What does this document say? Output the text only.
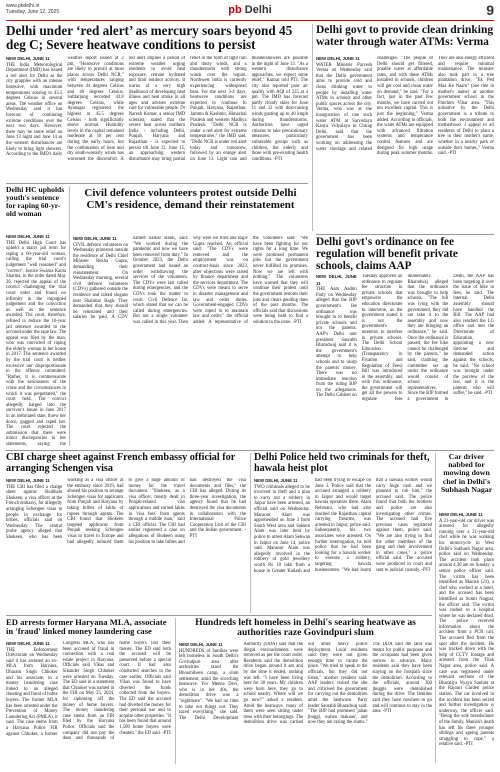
www.pbdelhi.in
Tuesday, June 12, 2025	pb Delhi	9
Delhi under ‘red alert’ as mercury soars beyond 45 deg C; Severe heatwave conditions to persist
NEW DELHI, JUNE 11
THE India Meteorological Department (IMD) has issued a red alert for Delhi as the city grapples with an intense heatwave, with maximum temperatures soaring to 45.5 degrees Celsius in several areas. The weather office on Wednesday said it has forecast of continuing extreme conditions over the next two days. However, there may be some relief on June 13 night and June 14 as the western disturbances are likely to bring light showers. According to the IMD's daily weather report issued at 2 pm, "Heatwave conditions are likely to prevail at most places across Delhi NCR," with temperatures ranging between 44 degrees Celsius and 46 degrees Celsius. Safdarjung recorded 43.8 degrees Celsius, while Ayanagar registered the highest at 45.5 degrees Celsius - both significantly above normal. Humidity levels in the capital remained moderate at 18 per cent during the early hours, but the combination of heat and dry south-westerly winds has worsened the discomfort. A red alert implies a period of extreme weather urging residents to avoid heat exposure, remain hydrated and limit outdoor activity. It warns of a very high likelihood of developing heat illness and heat stroke in all ages and advises extreme care for vulnerable people. Dr Naresh Kumar, a senior IMD scientist, stated that the severe heat across northern India - including Delhi, Punjab, Haryana and Rajasthan - is expected to persist till June 12. June 15, an approaching western disturbance may bring partial relief in the form of light rain and dusty winds, and a thunderstorm with strong winds over the region. Northwest India is currently experiencing widespread heat. For the next 3-4 days, heatwave conditions are expected to continue in Punjab, Haryana, Rajasthan, Jammu & Kashmir, Himachal Pradesh and western Madhya Pradesh. "Delhi NCR is under a red alert for extreme temperatures," the IMD said. "Delhi NCR is under red alert today and tomorrow, followed by an orange alert on June 13. Light rain and thundershowers are possible in the night of June 13. "As a western disturbance approaches, we expect some relief," Kumar told PTI. The city also reported poor air quality with AQI of 225 at 4 pm. The IMD has forecast partly cloudy skies for June 11 and 12 with dust-raising winds gusting up to 40 kmph during thunderstorms. Authorities have urged citizens to take precautionary measures, particularly vulnerable groups such as children, the elderly and those with pre-existing health conditions. -PTI
Delhi govt to provide clean drinking water through water ATMs: Verma
NEW DELHI, JUNE 11
WATER Minister Parvesh Verma on Wednesday said that the Delhi government aims to provide cold and clean drinking water to people by installing water ATMs in schools and other public spaces across the city. Verma, who was at the inauguration of one such water ATM at Sarvodaya Kanya Vidyalaya in Chirag Delhi, said that the government has been working on addressing the water shortage and related challenges. "The people of Delhi should get filtered, potable water at affordable rates, and with these ATMs installed in schools, children will get cool and clean water on demand," he said. "For a fact, just in the past few months, we have carried out ten excellent capital. This is just the beginning," Verma added. According to officials, the water ATMs are equipped with advanced filtration systems and temperature control features and are designed for high usage during peak summer months. They are also energy efficient and require minimal maintenance. The minister also took part in a tree plantation drive, "Ek Ped Maa Ke Naam" (one tree in mother's name) at another government school in the Paschim Vihar area. "This initiative by the Delhi government is a tribute to both the environment and motherhood. I appeal to all residents of Delhi to plant a tree in their mother's name, whether in a nearby park or outside their homes," Verma said. -PTI
Delhi HC upholds youth's sentence for raping 60-yr-old woman
NEW DELHI, JUNE 11
THE Delhi High Court has upheld a man's jail term for raping a 60-year-old woman, calling the trial court's judgement "well reasoned" and "correct". Justice Swarna Kanta Sharma, in the order dated May 26, rejected the appeal of the convict challenging the trial court order and found no infirmity in the impugned judgement and the conviction as well as the sentence awarded. The court, therefore, refused to reduce the 10-year jail sentence awarded to the accused under the rape law. The appeal was filed by the man, who was convicted of raping the elderly woman in her house in 2017. The sentence awarded by the trial court is neither excessive nor disproportionate to the offence committed. "Rather, it is commensurate with the seriousness of the crime and the circumstances in which it was perpetrated," the court held. The convict allegedly barged into the survivor's house in June 2017 in an inebriated state, threw her down, gagged and raped her. The court rejected the submission that there were minor discrepancies in her statements, saying the
Civil defence volunteers protest outside Delhi CM's residence, demand their reinstatement
NEW DELHI, JUNE 11
CIVIL defence volunteers on Wednesday protested outside the residence of Delhi Chief Minister Rekha Gupta, demanding their reinstatement. On Wednesday morning, several civil defence volunteers (CDVs) gathered outside the residence and raised slogans near Shalimar Bagh. They demanded that they should be reinstated and their salaries be paid. A CDV named Sarkar Haidi, said: "We worked during the pandemic and now we have been removed from duty." In October 2023, the Delhi government had issued an order withdrawing the services of the volunteers. The CDVs were last called during emergencies, and the CDVs took the matter to court. Civil Defence Jat, which stated that we can be called during emergencies. But not a single volunteer was called in this year. Then why were we fired and Rajiv Gupta reached. An official said: "The CDVs were removed and the employment was on contract-basis since 2023, after objections were raised by finance department and the services department. The CDVs were meant to serve in disaster management and law and order duties. Government-engaged CDVs were roped in to maintain law and order," the official added. A representative of the volunteers said: "We have been fighting for our rights for a long time. We were promised permanent jobs but the government never fulfilled its promises. Now we are left with nothing." The volunteers have warned that they will continue their protest until the government restores their jobs and clears pending dues of the past months. The officials said that discussions were being held to find a solution to the issue. -PTI
Delhi govt's ordinance on fee regulation will benefit private schools, claims AAP
NEW DELHI, JUNE 11
THE Aam Aadmi Party on Wednesday alleged that the BJP government's fee ordinance was brought in to benefit private schools and not the parents. AAP's Delhi unit president Saurabh Bharadwaj said it is the government's attempt to help schools and to usurp the parents' money. There was no immediate reaction from the ruling BJP on the allegations. The Delhi Cabinet on Tuesday approved an ordinance to regulate fee structure in private schools that empowers the education directorate to intervene, as the government stated it is not the government's intention to interfere in private schools. The Delhi School Education (Transparency in Fixation and Regulation of Fees) Bill was introduced in the assembly, and with this ordinance, the government will get all the powers to regulate fees immediately. Bharadwaj alleged that the ordinance was brought to help schools. "The bill was lying with the government, they did not take it to the assembly and now they are bringing an ordinance," he said. Once the ordinance is passed, the fee hike cannot be challenged by the parents," he said, claiming the committee set up under the ordinance would consist of school representatives. Since the BJP formed a government in Delhi, the AAP has been targeting it over the issue of hike in fees, he said. The internal Delhi assembly should have handled the Bill. The AAP had also reached the LG office and met the Directorate of Education, appointing a new director and demanded action against the schools, he said. "No school was brought under the purview of the law, and it is the parents who will suffer," he said. -PTI
CBI charge sheet against French embassy official for arranging Schengen visa
NEW DELHI, JUNE 11
THE CBI has filed a charge sheet against Shubham Shokeen, a visa officer at the French embassy, for allegedly arranging Schengen visas to people in exchange for bribes, officials said on Wednesday. The central probe agency alleged that Shokeen, who has been working as a visa officer at the embassy since 2019, had abused his position to arrange Schengen visas for applicants from Punjab and Haryana by taking bribes of lakhs of rupees through agents. The CBI found that Shokeen targeted applicants from Punjab seeking Schengen visas to travel to Europe and had allegedly induced them to give a huge amount of money for the travel document. "Shokeen, as a visa officer, mostly dealt in Punjab-related visa applications and earned lakhs in 'visa fees' from agents through a middle man," said a CBI official. The CBI had earlier registered a case on allegations of Shokeen using his position to take bribes and had destroyed the visa documents and files," the CBI has alleged. During its three-year investigation, the agency found that he had destroyed the visa documents in collaboration with the International Police Cooperation Unit of the CBI and the Indian government. -PTI
Delhi Police held two criminals for theft, hawala heist plot
NEW DELHI, JUNE 11
TWO criminals alleged to be involved in theft and a plan to carry out a robbery in Jaipur have been arrested, an official said on Wednesday. Mansoor Alam was apprehended on June 3 from South West area and Saleem Alam was later held by police to arrest Alam Sehwan in Jaipur on June 14, police said. Mansoor Alam was allegedly involved in the robbery of gold jewellery worth Rs 10 lakh from a house in Greater Kailash and had been trying to escape on June 3. Police said that the accused arranged a robbery in Jaipur and would target hawala operators there. Alam Rehmani, who had also reached the Rajasthan capital carrying firearms, was arrested in Jaipur, police said. Subsequently, his two associates were arrested. On further interrogation, he told police that he had been looking for a hawala worker to execute a robbery, targeting hawala businessmen. "We had learnt that a hawala worker would carry huge cash and we planned to rob him," the accused said. The police found that both the brothers and police are also investigating other crimes. The accused had five previous cases registered against them, police said. "We are also trying to find the other members of the gang and their involvement in other cases," a police official said. The accused were produced in court and sent to judicial custody. -PTI
Car driver nabbed for mowing down chef in Delhi's Subhash Nagar
NEW DELHI, JUNE 11
A 31-year-old car driver was arrested for allegedly running over a 21-year-old chef while he was walking his motorcycle in West Delhi's Subhash Nagar area, police said on Wednesday. The accident took place around 4.30 am on Sunday, a senior police officer said. The victim has been identified as Manish (21), a chef who worked at a hotel, and the accused has been identified as Sumit Nagpal, the officer said. The victim was rushed to a hospital where he was declared dead. The police received information about the accident from a PCR call. The accused fled from the spot after the incident. He was tracked down with the help of CCTV footage and arrested from the Tilak Nagar area, police said. A case was registered under relevant sections of the Bharatiya Nyaya Sanhita at the Rajouri Garden police station. The car involved in the accident has been seized and further investigation is underway, the officer said. "Being the sole breadwinner of the family, Manish's death has left his three younger siblings and ageing parents struggling to cope," a relative said. -PTI
ED arrests former Haryana MLA, associate in 'fraud' linked money laundering case
NEW DELHI, JUNE 11
THE Enforcement Directorate on Wednesday said it has arrested an ex-MLA from Haryana, Dharam Singh Chhoker and his associate, in a money laundering case linked to an alleged cheating and fraud of home buyers. The former MLA has been arrested under the Prevention of Money Laundering Act (PMLA), it said. The case stems from a Haryana Police FIR against Chhoker, a former Congress MLA, who has been accused of fraud in connection with a real estate project in Haryana. Officials said Vikas and Sikander Singh Chhoker were arrested on Tuesday. The ED said in a statement that Chhoker was named in the FIR on May 25, 2024, for siphoning off the money of home buyers. The money laundering case stems from an FIR filed by the Haryana Police. Officials said the company did not pay the dues and thousands of home buyers lost their money. The ED said both the accused will be presented before a special court. It had also conducted searches in the case earlier. Officials said Vikas was found to have diverted the funds collected from the buyers. The ED said the accused had diverted the money for their personal use and to acquire other properties. "It has been found that around 1,500 home buyers were cheated," the ED said. -PTI
Hundreds left homeless in Delhi's searing heatwave as authorities raze Govindpuri slum
NEW DELHI, JUNE 11
HUNDREDS of families were left homeless in South Delhi's Govindpuri area after authorities razed the Bhoomiheen camp, a slum settlement, amid the scorching heatwave. For Meena Devi, who is in her 40s, the demolition drive was a "nightmare". "We had no time to take our things out. They razed everything," she said. The Delhi Development Authority (DDA) said that the illegal encroachments were removed as per the court order. Residents said the demolition drive began around 8 am and by the time it ended, nothing was left. "I have been living here for 30 years. My children were born here, they go to school nearby. Where will we go now?" asked a resident. Amid the heatwave, many of them were seen sitting under trees with their belongings. The demolition drive was carried out amid heavy police deployment. Local residents said they were not given enough time to vacate the place. "We tried to speak to the officials, but they did not listen," another resident said. AAP leaders visited the site and criticised the government for carrying out the demolition amid the heatwave. Party leader Saurabh Bharadwaj said: "The BJP had promised 'jahan jhuggi, wahan makaan', and now they are razing the slums." The DDA said the land was meant for public purposes and the occupants had been given notices in advance. Many residents said they have been staying on the footpath since the demolition. According to the officials, around 300 jhuggis were demolished during the drive. The families said they have nowhere to go and will continue to stay in the area. -PTI
